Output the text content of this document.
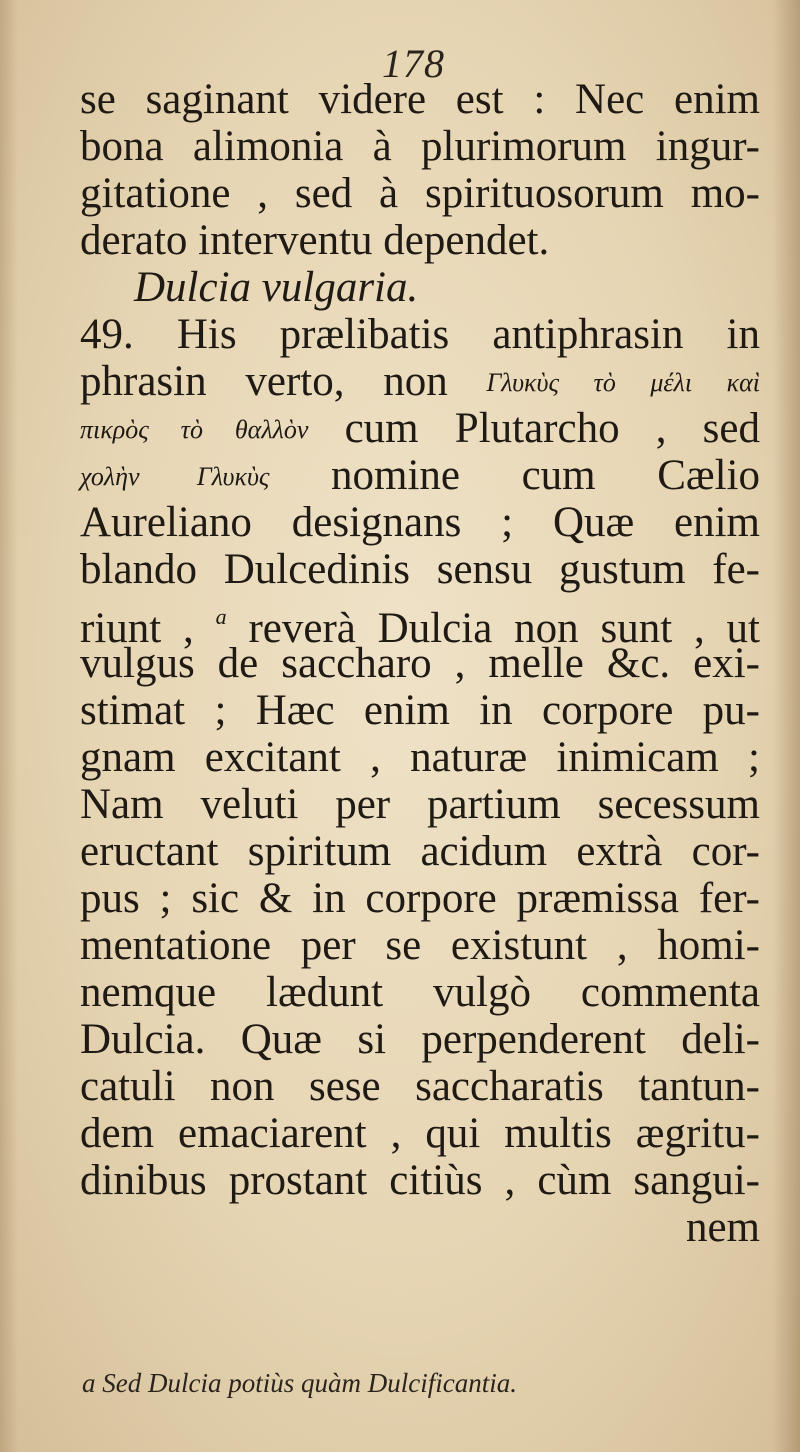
178
se saginant videre est : Nec enim
bona alimonia à plurimorum ingur-
gitatione , sed à spirituosorum mo-
derato interventu dependet.
Dulcia vulgaria.
49. His prælibatis antiphrasin in
phrasin verto, non Γλυκὺς τὸ μέλι καὶ
πικρὸς τὸ θαλλὸν cum Plutarcho , sed
χολὴν Γλυκὺς nomine cum Cælio
Aureliano designans ; Quæ enim
blando Dulcedinis sensu gustum fe-
riunt , $^a$ reverà Dulcia non sunt , ut
vulgus de saccharo , melle &c. exi-
stimat ; Hæc enim in corpore pu-
gnam excitant , naturæ inimicam ;
Nam veluti per partium secessum
eructant spiritum acidum extrà cor-
pus ; sic & in corpore præmissa fer-
mentatione per se existunt , homi-
nemque lædunt vulgò commenta
Dulcia. Quæ si perpenderent deli-
catuli non sese saccharatis tantun-
dem emaciarent , qui multis ægritu-
dinibus prostant citiùs , cùm sangui-
nem
a Sed Dulcia potiùs quàm Dulcificantia.
